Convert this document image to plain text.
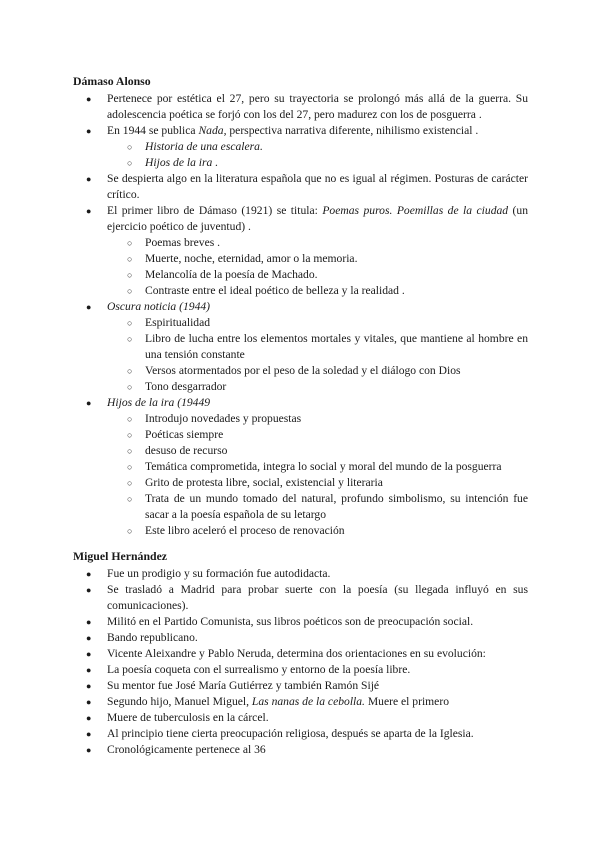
Dámaso Alonso
● Pertenece por estética el 27, pero su trayectoria se prolongó más allá de la guerra. Su adolescencia poética se forjó con los del 27, pero madurez con los de posguerra .
● En 1944 se publica Nada, perspectiva narrativa diferente, nihilismo existencial .
○ Historia de una escalera.
○ Hijos de la ira .
● Se despierta algo en la literatura española que no es igual al régimen. Posturas de carácter crítico.
● El primer libro de Dámaso (1921) se titula: Poemas puros. Poemillas de la ciudad (un ejercicio poético de juventud) .
○ Poemas breves .
○ Muerte, noche, eternidad, amor o la memoria.
○ Melancolía de la poesía de Machado.
○ Contraste entre el ideal poético de belleza y la realidad .
● Oscura noticia (1944)
○ Espiritualidad
○ Libro de lucha entre los elementos mortales y vitales, que mantiene al hombre en una tensión constante
○ Versos atormentados por el peso de la soledad y el diálogo con Dios
○ Tono desgarrador
● Hijos de la ira (19449
○ Introdujo novedades y propuestas
○ Poéticas siempre
○ desuso de recurso
○ Temática comprometida, integra lo social y moral del mundo de la posguerra
○ Grito de protesta libre, social, existencial y literaria
○ Trata de un mundo tomado del natural, profundo simbolismo, su intención fue sacar a la poesía española de su letargo
○ Este libro aceleró el proceso de renovación
Miguel Hernández
● Fue un prodigio y su formación fue autodidacta.
● Se trasladó a Madrid para probar suerte con la poesía (su llegada influyó en sus comunicaciones).
● Militó en el Partido Comunista, sus libros poéticos son de preocupación social.
● Bando republicano.
● Vicente Aleixandre y Pablo Neruda, determina dos orientaciones en su evolución:
● La poesía coqueta con el surrealismo y entorno de la poesía libre.
● Su mentor fue José María Gutiérrez y también Ramón Sijé
● Segundo hijo, Manuel Miguel, Las nanas de la cebolla. Muere el primero
● Muere de tuberculosis en la cárcel.
● Al principio tiene cierta preocupación religiosa, después se aparta de la Iglesia.
● Cronológicamente pertenece al 36
